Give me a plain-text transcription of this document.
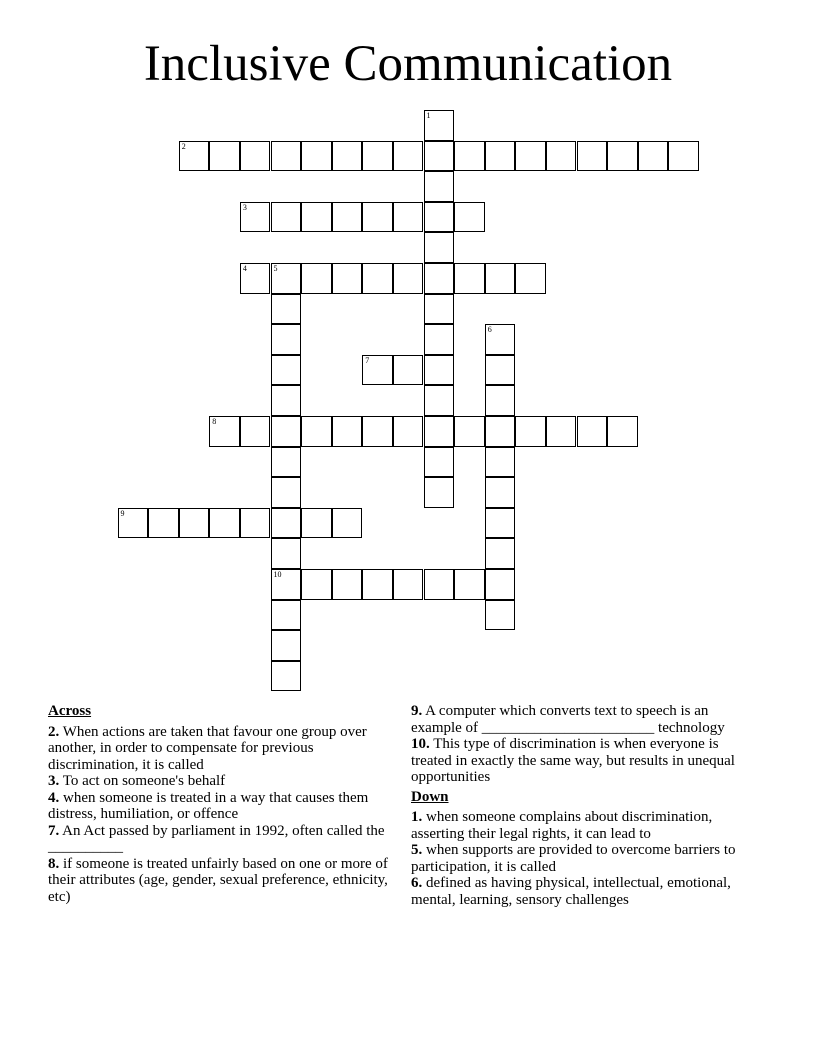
Inclusive Communication
1
2
3
4	5
10
6
7
8
9
Across
2. When actions are taken that favour one group over another, in order to compensate for previous discrimination, it is called
3. To act on someone's behalf
4. when someone is treated in a way that causes them distress, humiliation, or offence
7. An Act passed by parliament in 1992, often called the __________
8. if someone is treated unfairly based on one or more of their attributes (age, gender, sexual preference, ethnicity, etc)
9. A computer which converts text to speech is an example of _______________________ technology
10. This type of discrimination is when everyone is treated in exactly the same way, but results in unequal opportunities
Down
1. when someone complains about discrimination, asserting their legal rights, it can lead to
5. when supports are provided to overcome barriers to participation, it is called
6. defined as having physical, intellectual, emotional, mental, learning, sensory challenges
